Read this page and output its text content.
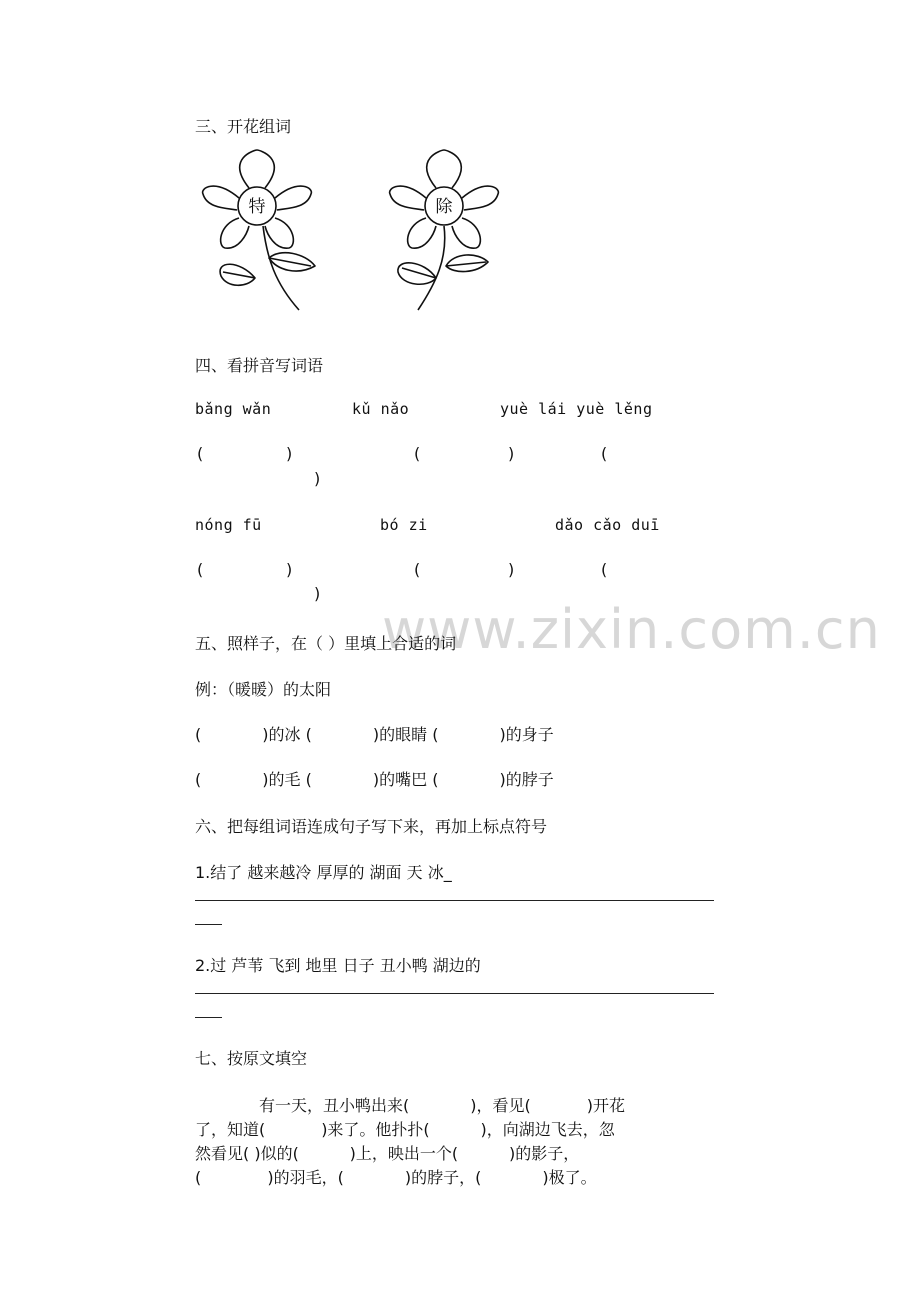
www.zixin.com.cn
三、开花组词
特	除
四、看拼音写词语
bǎng wǎn	kǔ nǎo	yuè lái yuè lěng
(	)	(	)	(
)
nóng fū	bó zi	dǎo cǎo duī
(	)	(	)	(
)
五、照样子，在（ ）里填上合适的词
例：（暖暖）的太阳
(            )的冰 (            )的眼睛 (            )的身子
(            )的毛 (            )的嘴巴 (            )的脖子
六、把每组词语连成句子写下来，再加上标点符号
1.结了 越来越冷 厚厚的 湖面 天 冰_
2.过 芦苇 飞到 地里 日子 丑小鸭 湖边的
七、按原文填空
有一天，丑小鸭出来(            )，看见(           )开花
了，知道(           )来了。他扑扑(          )，向湖边飞去，忽
然看见( )似的(          )上，映出一个(          )的影子，
(             )的羽毛，(            )的脖子，(            )极了。
